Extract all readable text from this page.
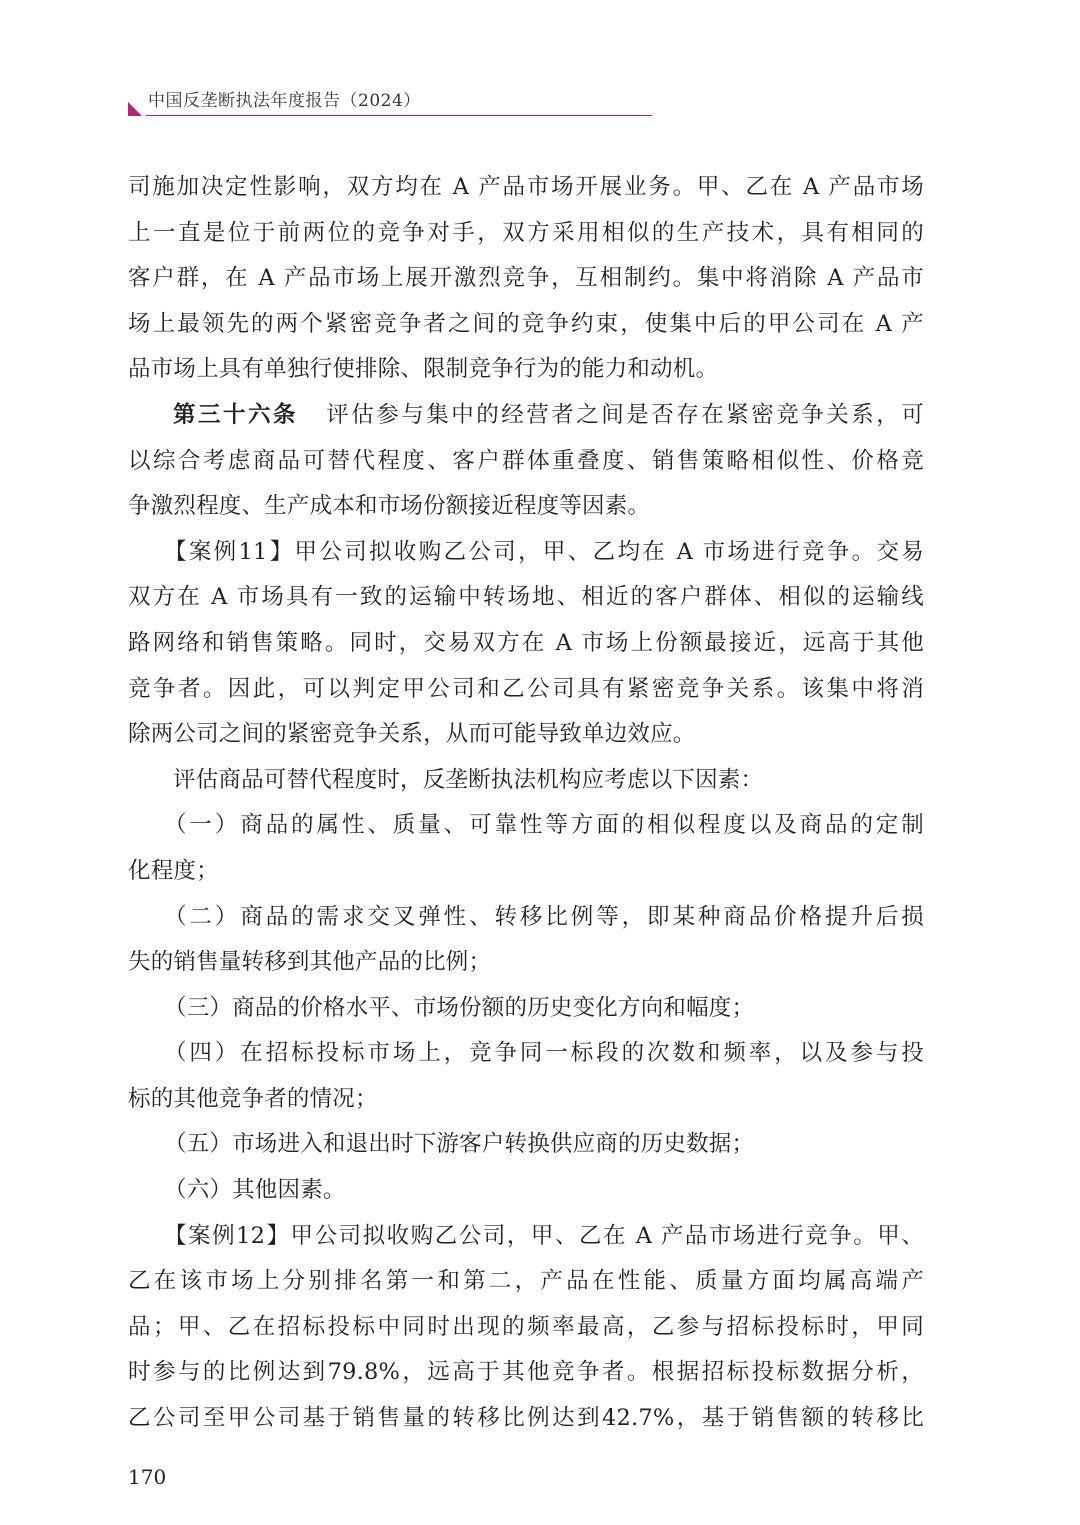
中国反垄断执法年度报告（2024）
司施加决定性影响，双方均在 A 产品市场开展业务。甲、乙在 A 产品市场
上一直是位于前两位的竞争对手，双方采用相似的生产技术，具有相同的
客户群，在 A 产品市场上展开激烈竞争，互相制约。集中将消除 A 产品市
场上最领先的两个紧密竞争者之间的竞争约束，使集中后的甲公司在 A 产
品市场上具有单独行使排除、限制竞争行为的能力和动机。
第三十六条 评估参与集中的经营者之间是否存在紧密竞争关系，可
以综合考虑商品可替代程度、客户群体重叠度、销售策略相似性、价格竞
争激烈程度、生产成本和市场份额接近程度等因素。
【案例11】甲公司拟收购乙公司，甲、乙均在 A 市场进行竞争。交易
双方在 A 市场具有一致的运输中转场地、相近的客户群体、相似的运输线
路网络和销售策略。同时，交易双方在 A 市场上份额最接近，远高于其他
竞争者。因此，可以判定甲公司和乙公司具有紧密竞争关系。该集中将消
除两公司之间的紧密竞争关系，从而可能导致单边效应。
评估商品可替代程度时，反垄断执法机构应考虑以下因素：
（一）商品的属性、质量、可靠性等方面的相似程度以及商品的定制
化程度；
（二）商品的需求交叉弹性、转移比例等，即某种商品价格提升后损
失的销售量转移到其他产品的比例；
（三）商品的价格水平、市场份额的历史变化方向和幅度；
（四）在招标投标市场上，竞争同一标段的次数和频率，以及参与投
标的其他竞争者的情况；
（五）市场进入和退出时下游客户转换供应商的历史数据；
（六）其他因素。
【案例12】甲公司拟收购乙公司，甲、乙在 A 产品市场进行竞争。甲、
乙在该市场上分别排名第一和第二，产品在性能、质量方面均属高端产
品；甲、乙在招标投标中同时出现的频率最高，乙参与招标投标时，甲同
时参与的比例达到79.8%，远高于其他竞争者。根据招标投标数据分析，
乙公司至甲公司基于销售量的转移比例达到42.7%，基于销售额的转移比
170
